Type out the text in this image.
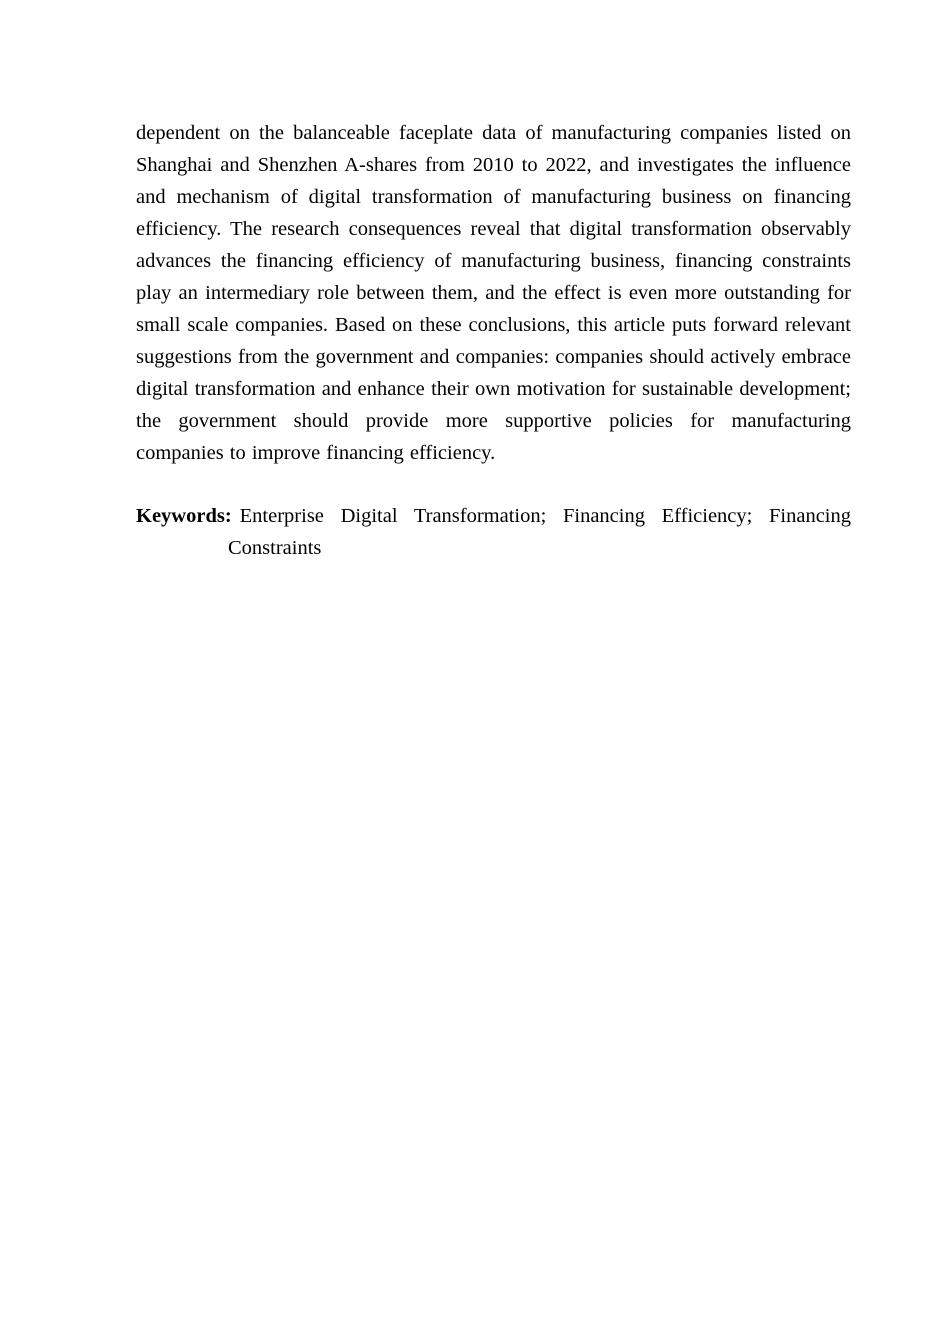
dependent on the balanceable faceplate data of manufacturing companies listed on Shanghai and Shenzhen A-shares from 2010 to 2022, and investigates the influence and mechanism of digital transformation of manufacturing business on financing efficiency. The research consequences reveal that digital transformation observably advances the financing efficiency of manufacturing business, financing constraints play an intermediary role between them, and the effect is even more outstanding for small scale companies. Based on these conclusions, this article puts forward relevant suggestions from the government and companies: companies should actively embrace digital transformation and enhance their own motivation for sustainable development; the government should provide more supportive policies for manufacturing companies to improve financing efficiency.

Keywords: Enterprise Digital Transformation; Financing Efficiency; Financing Constraints
